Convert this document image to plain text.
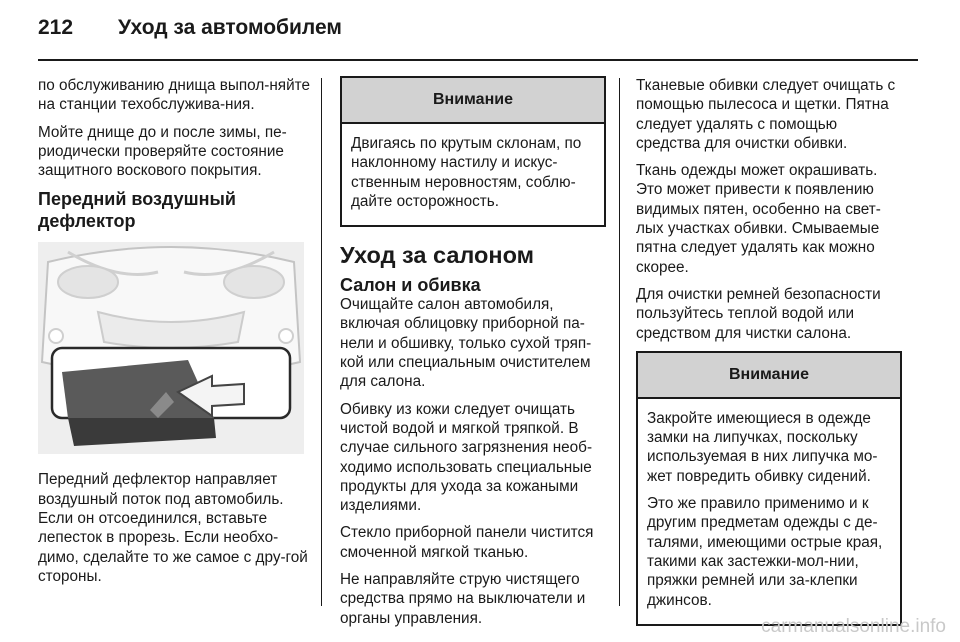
212 Уход за автомобилем

по обслуживанию днища выпол-няйте на станции техобслужива-ния.

Мойте днище до и после зимы, пе-риодически проверяйте состояние защитного воскового покрытия.

Передний воздушный дефлектор

Передний дефлектор направляет воздушный поток под автомобиль. Если он отсоединился, вставьте лепесток в прорезь. Если необхо-димо, сделайте то же самое с дру-гой стороны.

Внимание

Двигаясь по крутым склонам, по наклонному настилу и искус-ственным неровностям, соблю-дайте осторожность.

Уход за салоном
Салон и обивка

Очищайте салон автомобиля, включая облицовку приборной па-нели и обшивку, только сухой тряп-кой или специальным очистителем для салона.

Обивку из кожи следует очищать чистой водой и мягкой тряпкой. В случае сильного загрязнения необ-ходимо использовать специальные продукты для ухода за кожаными изделиями.

Стекло приборной панели чистится смоченной мягкой тканью.

Не направляйте струю чистящего средства прямо на выключатели и органы управления.

Тканевые обивки следует очищать с помощью пылесоса и щетки. Пятна следует удалять с помощью средства для очистки обивки.

Ткань одежды может окрашивать. Это может привести к появлению видимых пятен, особенно на свет-лых участках обивки. Смываемые пятна следует удалять как можно скорее.

Для очистки ремней безопасности пользуйтесь теплой водой или средством для чистки салона.

Внимание

Закройте имеющиеся в одежде замки на липучках, поскольку используемая в них липучка мо-жет повредить обивку сидений.

Это же правило применимо и к другим предметам одежды с де-талями, имеющими острые края, такими как застежки-мол-нии, пряжки ремней или за-клепки джинсов.

carmanualsonline.info
